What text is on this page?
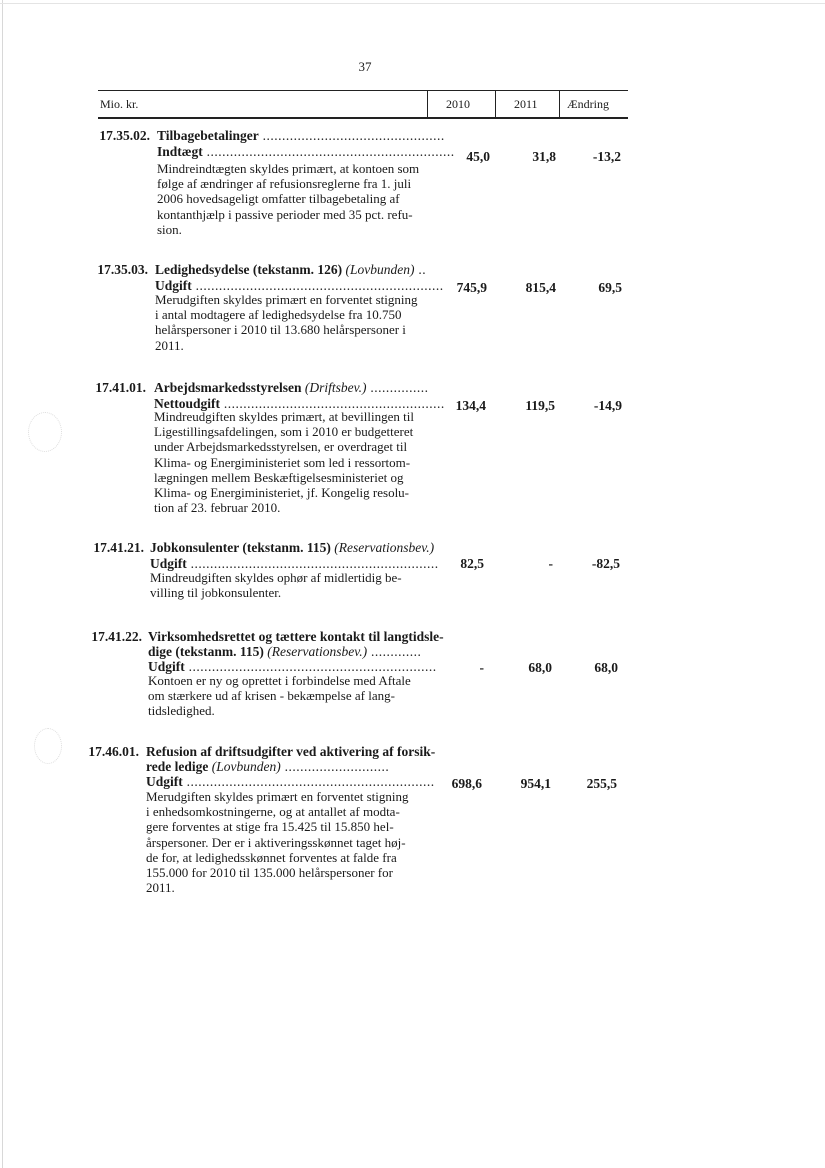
37
Mio. kr.	2010	2011 Ændring
17.35.02. Tilbagebetalinger ...............................................
Indtægt ................................................................
Mindreindtægten skyldes primært, at kontoen som
følge af ændringer af refusionsreglerne fra 1. juli
2006 hovedsageligt omfatter tilbagebetaling af
kontanthjælp i passive perioder med 35 pct. refu-
sion.
45,0	31,8	-13,2
17.35.03. Ledighedsydelse (tekstanm. 126) (Lovbunden) ..
Udgift ................................................................
Merudgiften skyldes primært en forventet stigning
i antal modtagere af ledighedsydelse fra 10.750
helårspersoner i 2010 til 13.680 helårspersoner i
2011.
745,9	815,4	69,5
17.41.01. Arbejdsmarkedsstyrelsen (Driftsbev.) ...............
Nettoudgift .........................................................
Mindreudgiften skyldes primært, at bevillingen til
Ligestillingsafdelingen, som i 2010 er budgetteret
under Arbejdsmarkedsstyrelsen, er overdraget til
Klima- og Energiministeriet som led i ressortom-
lægningen mellem Beskæftigelsesministeriet og
Klima- og Energiministeriet, jf. Kongelig resolu-
tion af 23. februar 2010.
134,4	119,5	-14,9
17.41.21. Jobkonsulenter (tekstanm. 115) (Reservationsbev.)
Udgift ................................................................
Mindreudgiften skyldes ophør af midlertidig be-
villing til jobkonsulenter.
82,5	-	-82,5
17.41.22. Virksomhedsrettet og tættere kontakt til langtidsle-
dige (tekstanm. 115) (Reservationsbev.) .............
Udgift ................................................................
Kontoen er ny og oprettet i forbindelse med Aftale
om stærkere ud af krisen - bekæmpelse af lang-
tidsledighed.
-	68,0	68,0
17.46.01. Refusion af driftsudgifter ved aktivering af forsik-
rede ledige (Lovbunden) ...........................
Udgift ................................................................
Merudgiften skyldes primært en forventet stigning
i enhedsomkostningerne, og at antallet af modta-
gere forventes at stige fra 15.425 til 15.850 hel-
årspersoner. Der er i aktiveringsskønnet taget høj-
de for, at ledighedsskønnet forventes at falde fra
155.000 for 2010 til 135.000 helårspersoner for
2011.
698,6	954,1	255,5
